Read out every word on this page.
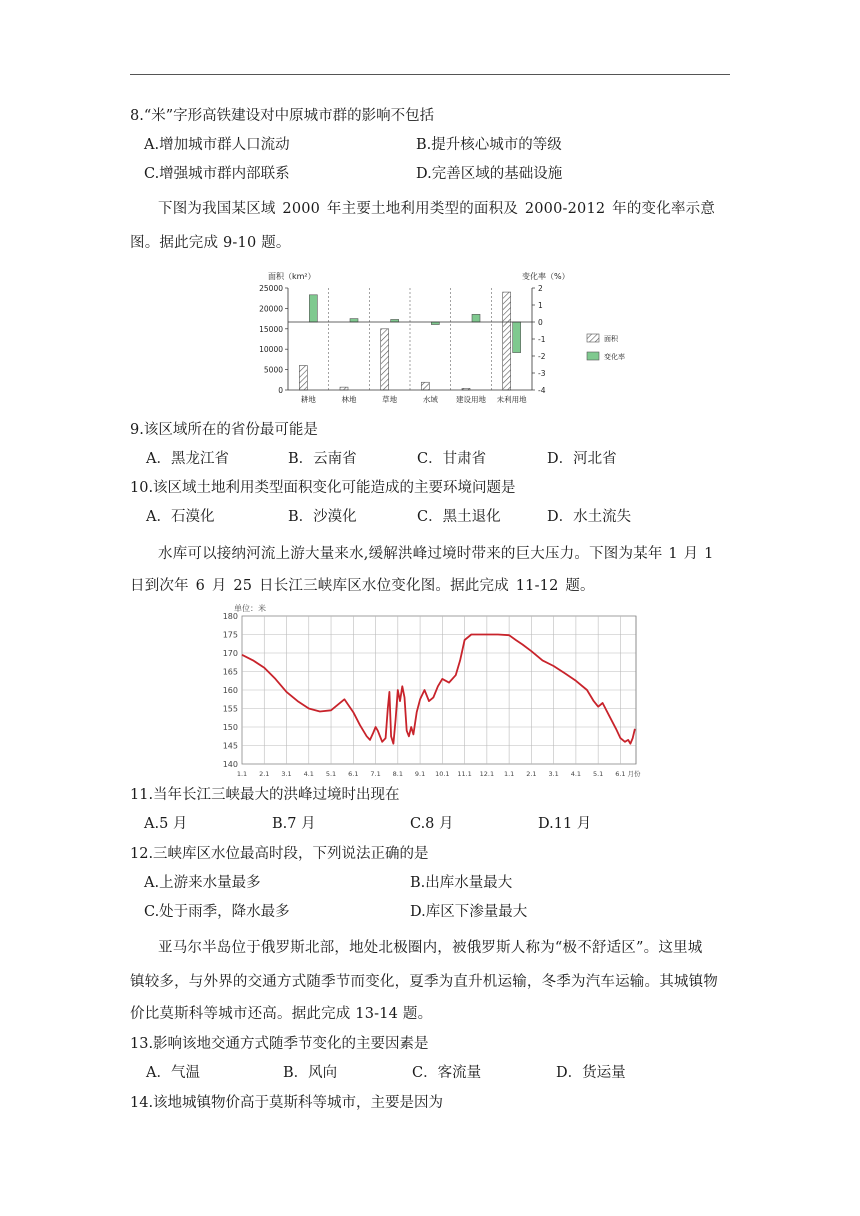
8.“米”字形高铁建设对中原城市群的影响不包括
A.增加城市群人口流动	B.提升核心城市的等级
C.增强城市群内部联系	D.完善区域的基础设施
下图为我国某区域 2000 年主要土地利用类型的面积及 2000-2012 年的变化率示意
图。据此完成 9-10 题。
面积（km²）	变化率（%）
25000
20000
15000
10000
5000
0
2
1
0
-1
-2
-3
-4
耕地	林地	草地	水域 建设用地 未利用地
面积
变化率
9.该区域所在的省份最可能是
A．黑龙江省	B．云南省	C．甘肃省	D．河北省
10.该区域土地利用类型面积变化可能造成的主要环境问题是
A．石漠化	B．沙漠化	C．黑土退化	D．水土流失
水库可以接纳河流上游大量来水,缓解洪峰过境时带来的巨大压力。下图为某年 1 月 1
日到次年 6 月 25 日长江三峡库区水位变化图。据此完成 11-12 题。
单位：米
180
175
170
165
160
155
150
145
140
1.1 2.1 3.1 4.1 5.1 6.1 7.1 8.1 9.1 10.1 11.1 12.1 1.1 2.1 3.1 4.1 5.1 6.1 月份
11.当年长江三峡最大的洪峰过境时出现在
A.5 月	B.7 月	C.8 月	D.11 月
12.三峡库区水位最高时段，下列说法正确的是
A.上游来水量最多	B.出库水量最大
C.处于雨季，降水最多	D.库区下渗量最大
亚马尔半岛位于俄罗斯北部，地处北极圈内，被俄罗斯人称为“极不舒适区”。这里城
镇较多，与外界的交通方式随季节而变化，夏季为直升机运输，冬季为汽车运输。其城镇物
价比莫斯科等城市还高。据此完成 13-14 题。
13.影响该地交通方式随季节变化的主要因素是
A．气温	B．风向	C．客流量	D．货运量
14.该地城镇物价高于莫斯科等城市，主要是因为
